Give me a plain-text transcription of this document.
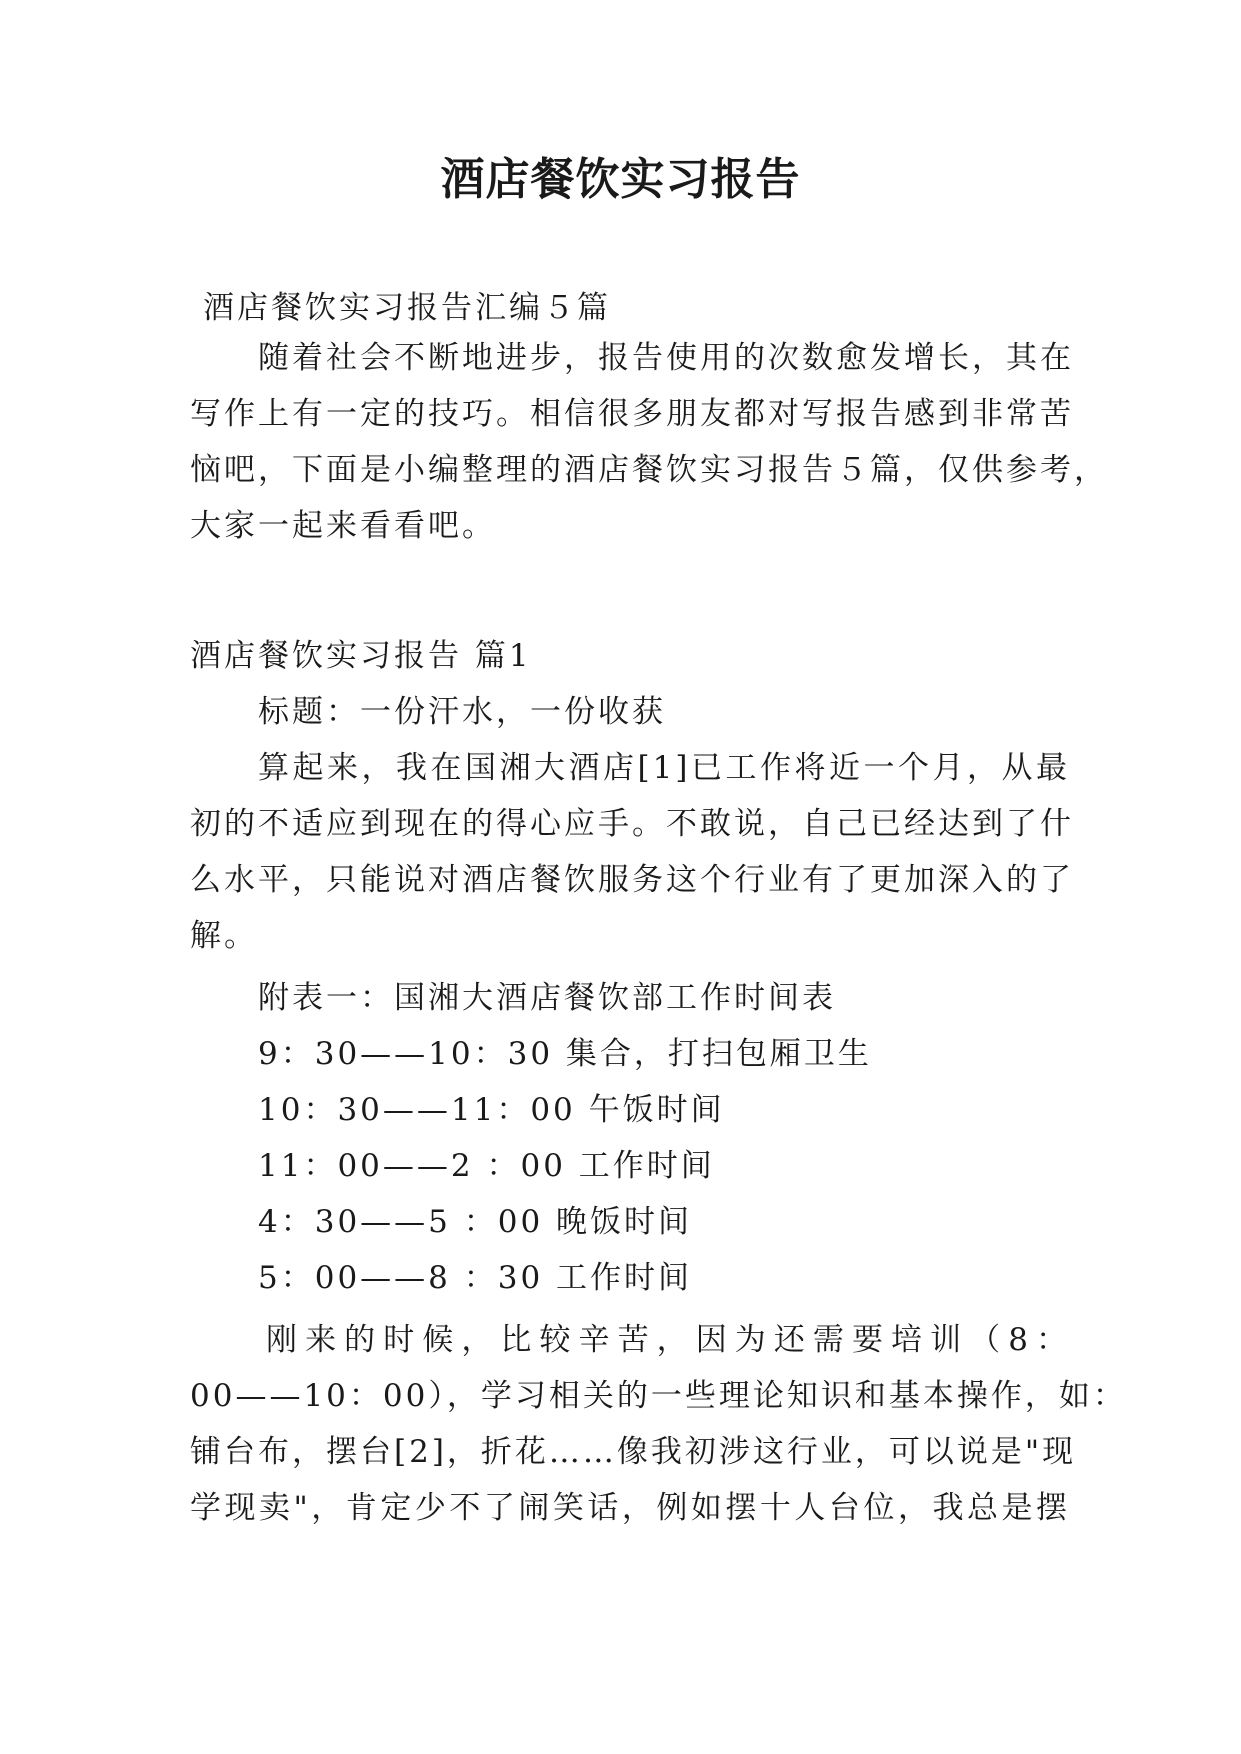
酒店餐饮实习报告
酒店餐饮实习报告汇编５篇
随着社会不断地进步，报告使用的次数愈发增长，其在
写作上有一定的技巧。相信很多朋友都对写报告感到非常苦
恼吧，下面是小编整理的酒店餐饮实习报告５篇，仅供参考，
大家一起来看看吧。
酒店餐饮实习报告 篇1
标题：一份汗水，一份收获
算起来，我在国湘大酒店[1]已工作将近一个月，从最
初的不适应到现在的得心应手。不敢说，自己已经达到了什
么水平，只能说对酒店餐饮服务这个行业有了更加深入的了
解。
附表一：国湘大酒店餐饮部工作时间表
9：30——10：30 集合，打扫包厢卫生
10：30——11：00 午饭时间
11：00——2 ：00 工作时间
4：30——5 ：00 晚饭时间
5：00——8 ：30 工作时间
刚来的时候，比较辛苦，因为还需要培训（8：
00——10：00），学习相关的一些理论知识和基本操作，如：
铺台布，摆台[2]，折花……像我初涉这行业，可以说是"现
学现卖"，肯定少不了闹笑话，例如摆十人台位，我总是摆
